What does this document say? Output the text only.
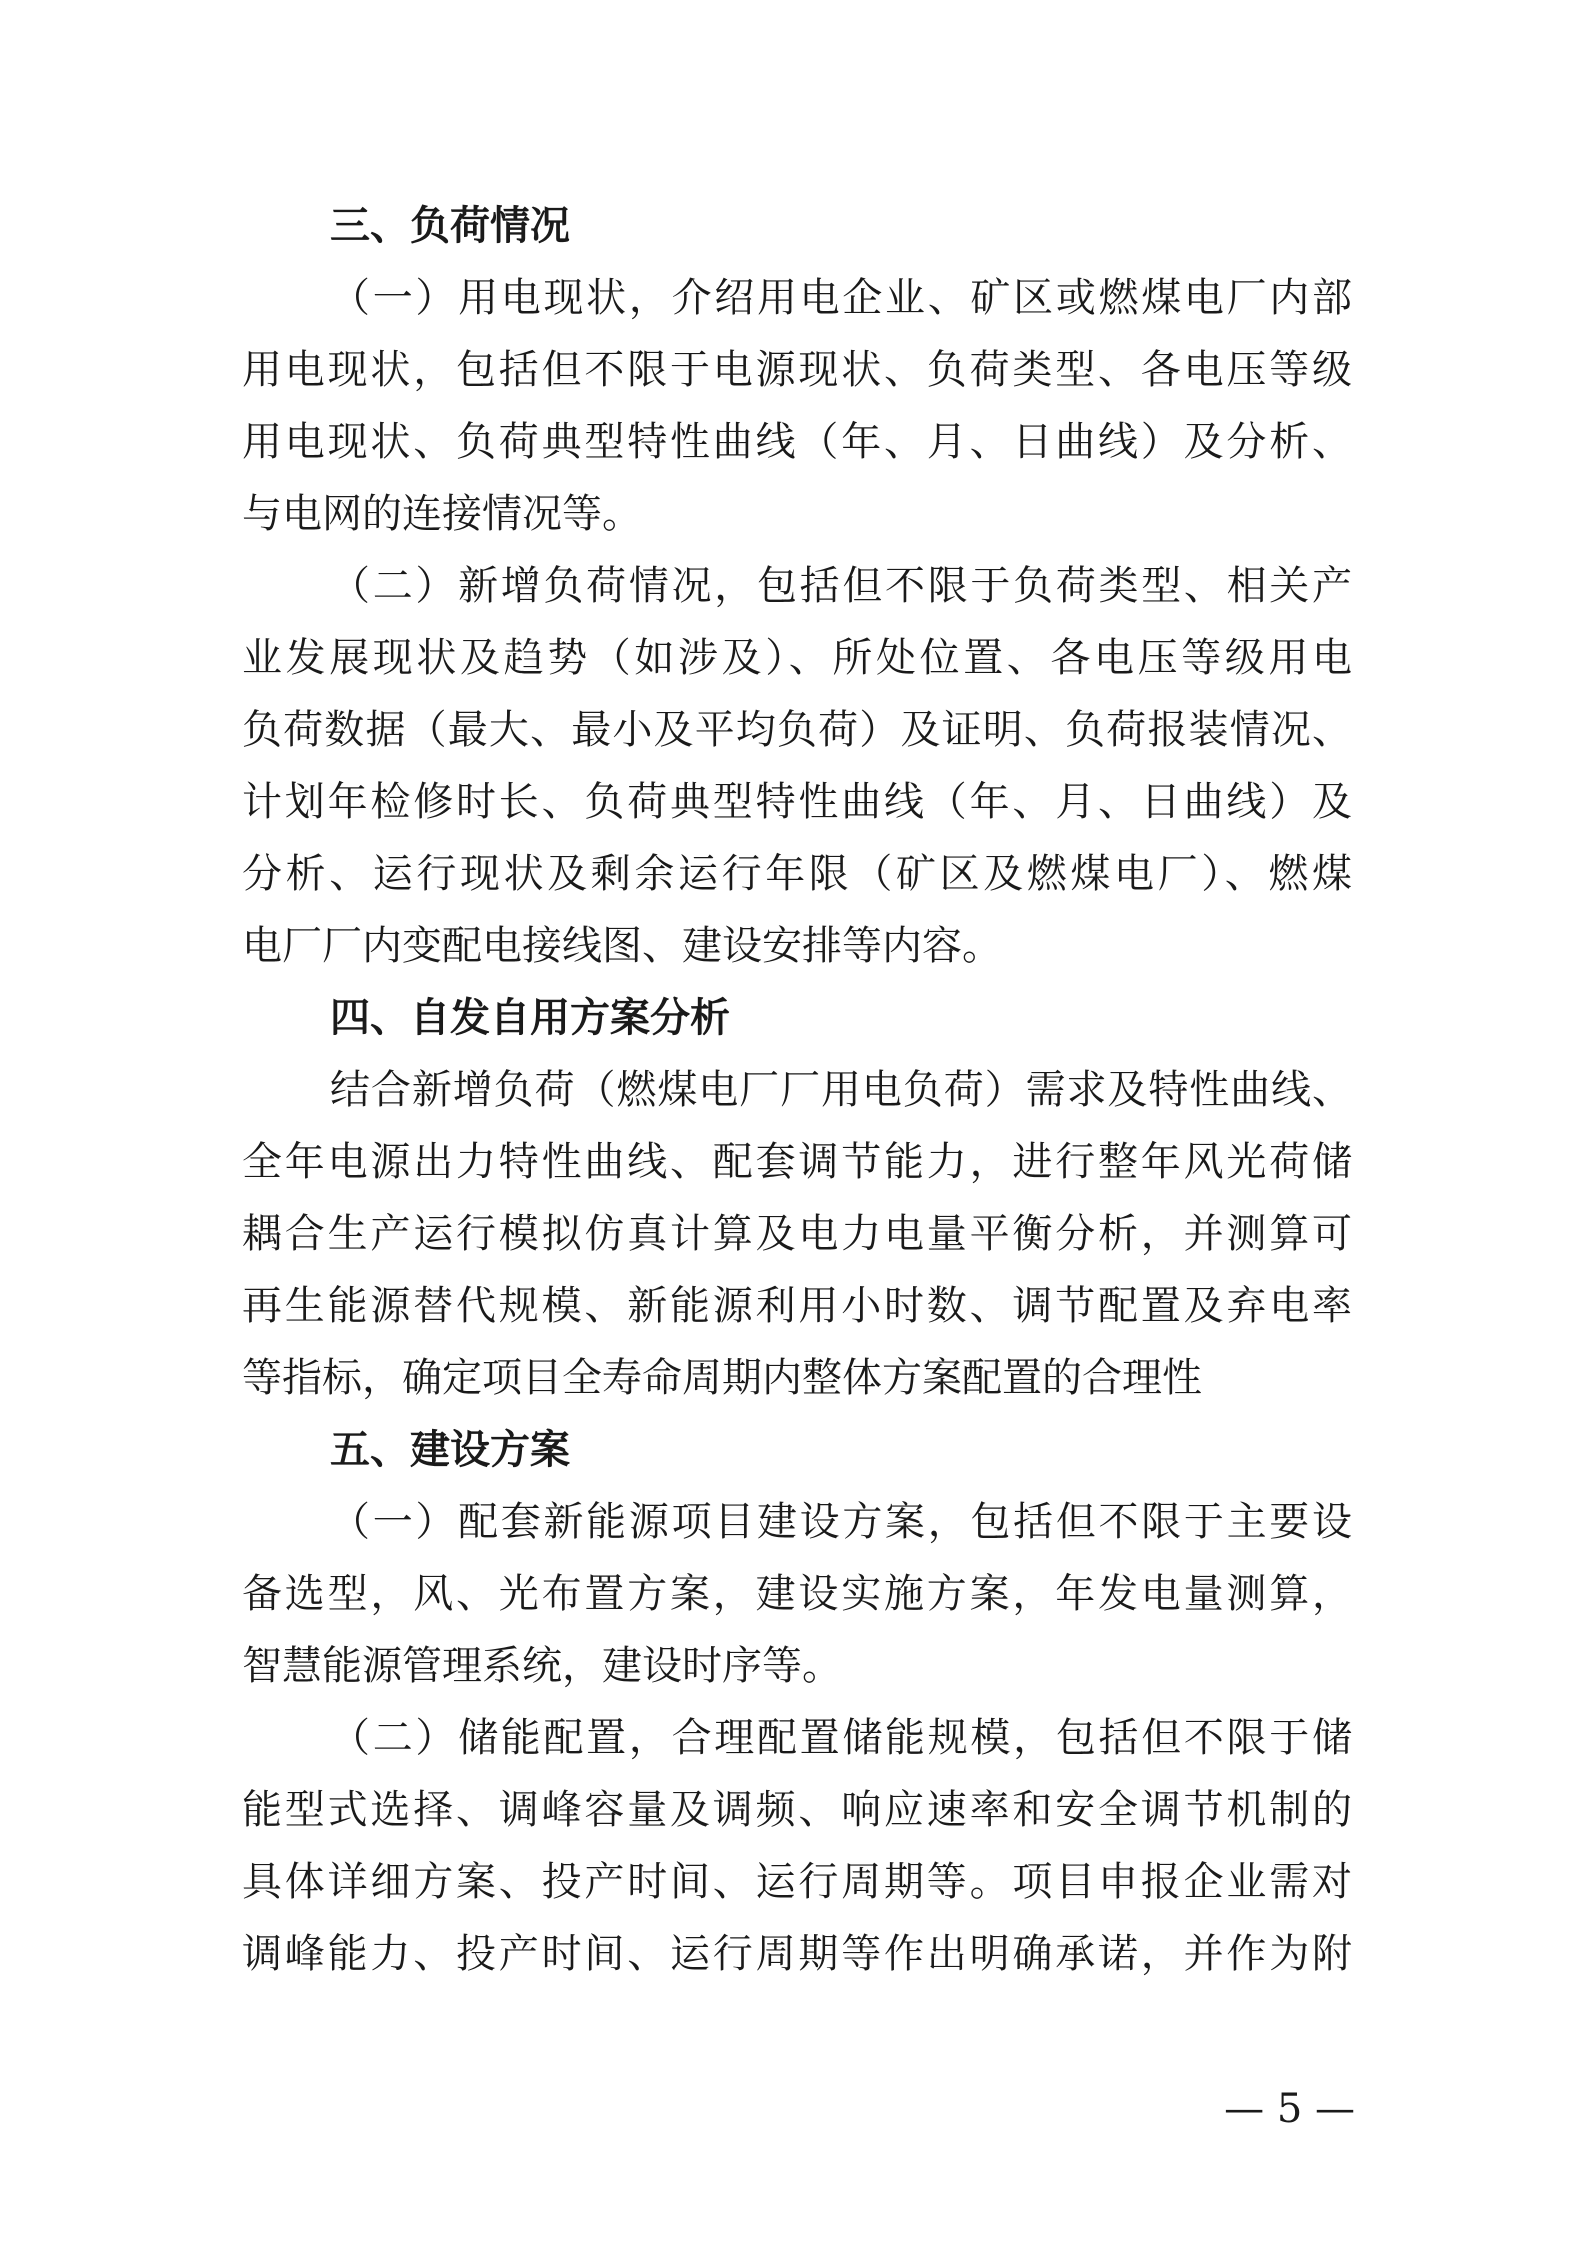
三、负荷情况
（一）用电现状，介绍用电企业、矿区或燃煤电厂内部
用电现状，包括但不限于电源现状、负荷类型、各电压等级
用电现状、负荷典型特性曲线（年、月、日曲线）及分析、
与电网的连接情况等。
（二）新增负荷情况，包括但不限于负荷类型、相关产
业发展现状及趋势（如涉及）、所处位置、各电压等级用电
负荷数据（最大、最小及平均负荷）及证明、负荷报装情况、
计划年检修时长、负荷典型特性曲线（年、月、日曲线）及
分析、运行现状及剩余运行年限（矿区及燃煤电厂）、燃煤
电厂厂内变配电接线图、建设安排等内容。
四、自发自用方案分析
结合新增负荷（燃煤电厂厂用电负荷）需求及特性曲线、
全年电源出力特性曲线、配套调节能力，进行整年风光荷储
耦合生产运行模拟仿真计算及电力电量平衡分析，并测算可
再生能源替代规模、新能源利用小时数、调节配置及弃电率
等指标，确定项目全寿命周期内整体方案配置的合理性
五、建设方案
（一）配套新能源项目建设方案，包括但不限于主要设
备选型，风、光布置方案，建设实施方案，年发电量测算，
智慧能源管理系统，建设时序等。
（二）储能配置，合理配置储能规模，包括但不限于储
能型式选择、调峰容量及调频、响应速率和安全调节机制的
具体详细方案、投产时间、运行周期等。项目申报企业需对
调峰能力、投产时间、运行周期等作出明确承诺，并作为附
— 5 —
